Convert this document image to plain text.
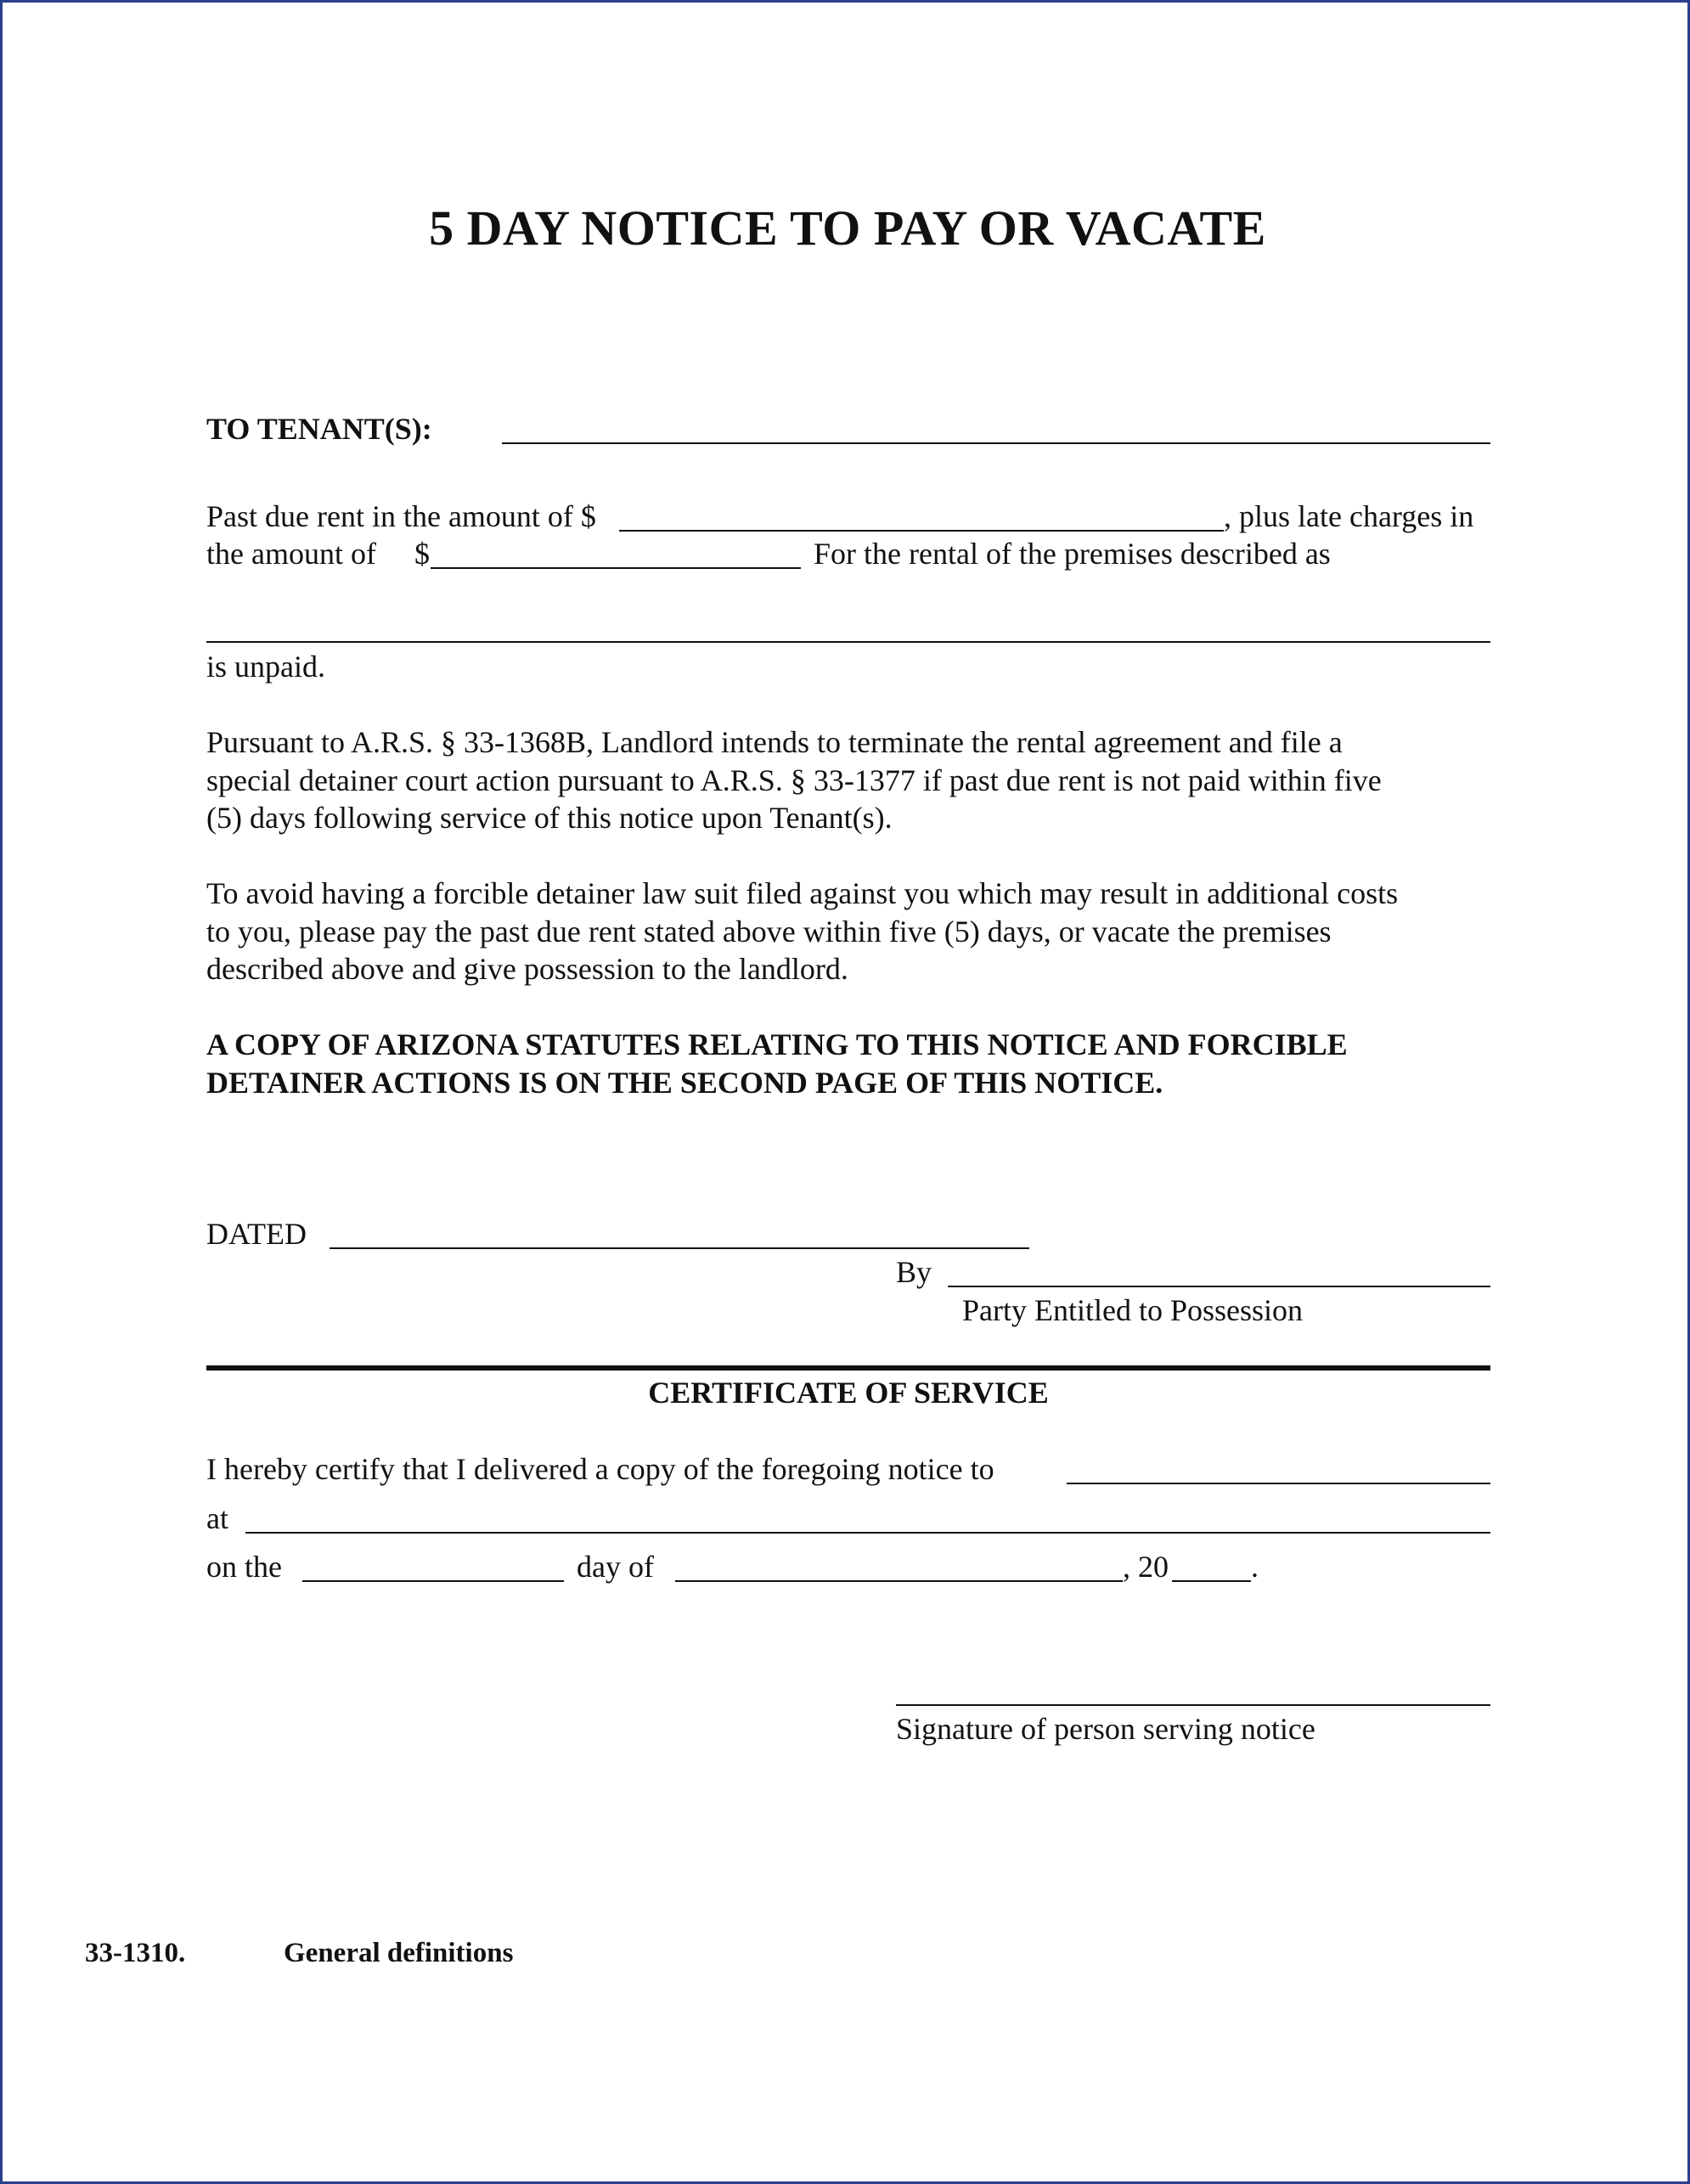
5 DAY NOTICE TO PAY OR VACATE
TO TENANT(S):
Past due rent in the amount of $	, plus late charges in
the amount of $	For the rental of the premises described as
is unpaid.
Pursuant to A.R.S. § 33-1368B, Landlord intends to terminate the rental agreement and file a
special detainer court action pursuant to A.R.S. § 33-1377 if past due rent is not paid within five
(5) days following service of this notice upon Tenant(s).
To avoid having a forcible detainer law suit filed against you which may result in additional costs
to you, please pay the past due rent stated above within five (5) days, or vacate the premises
described above and give possession to the landlord.
A COPY OF ARIZONA STATUTES RELATING TO THIS NOTICE AND FORCIBLE
DETAINER ACTIONS IS ON THE SECOND PAGE OF THIS NOTICE.
DATED
By
Party Entitled to Possession
CERTIFICATE OF SERVICE
I hereby certify that I delivered a copy of the foregoing notice to
at
on the	day of	, 20	.
Signature of person serving notice
33-1310.	General definitions
